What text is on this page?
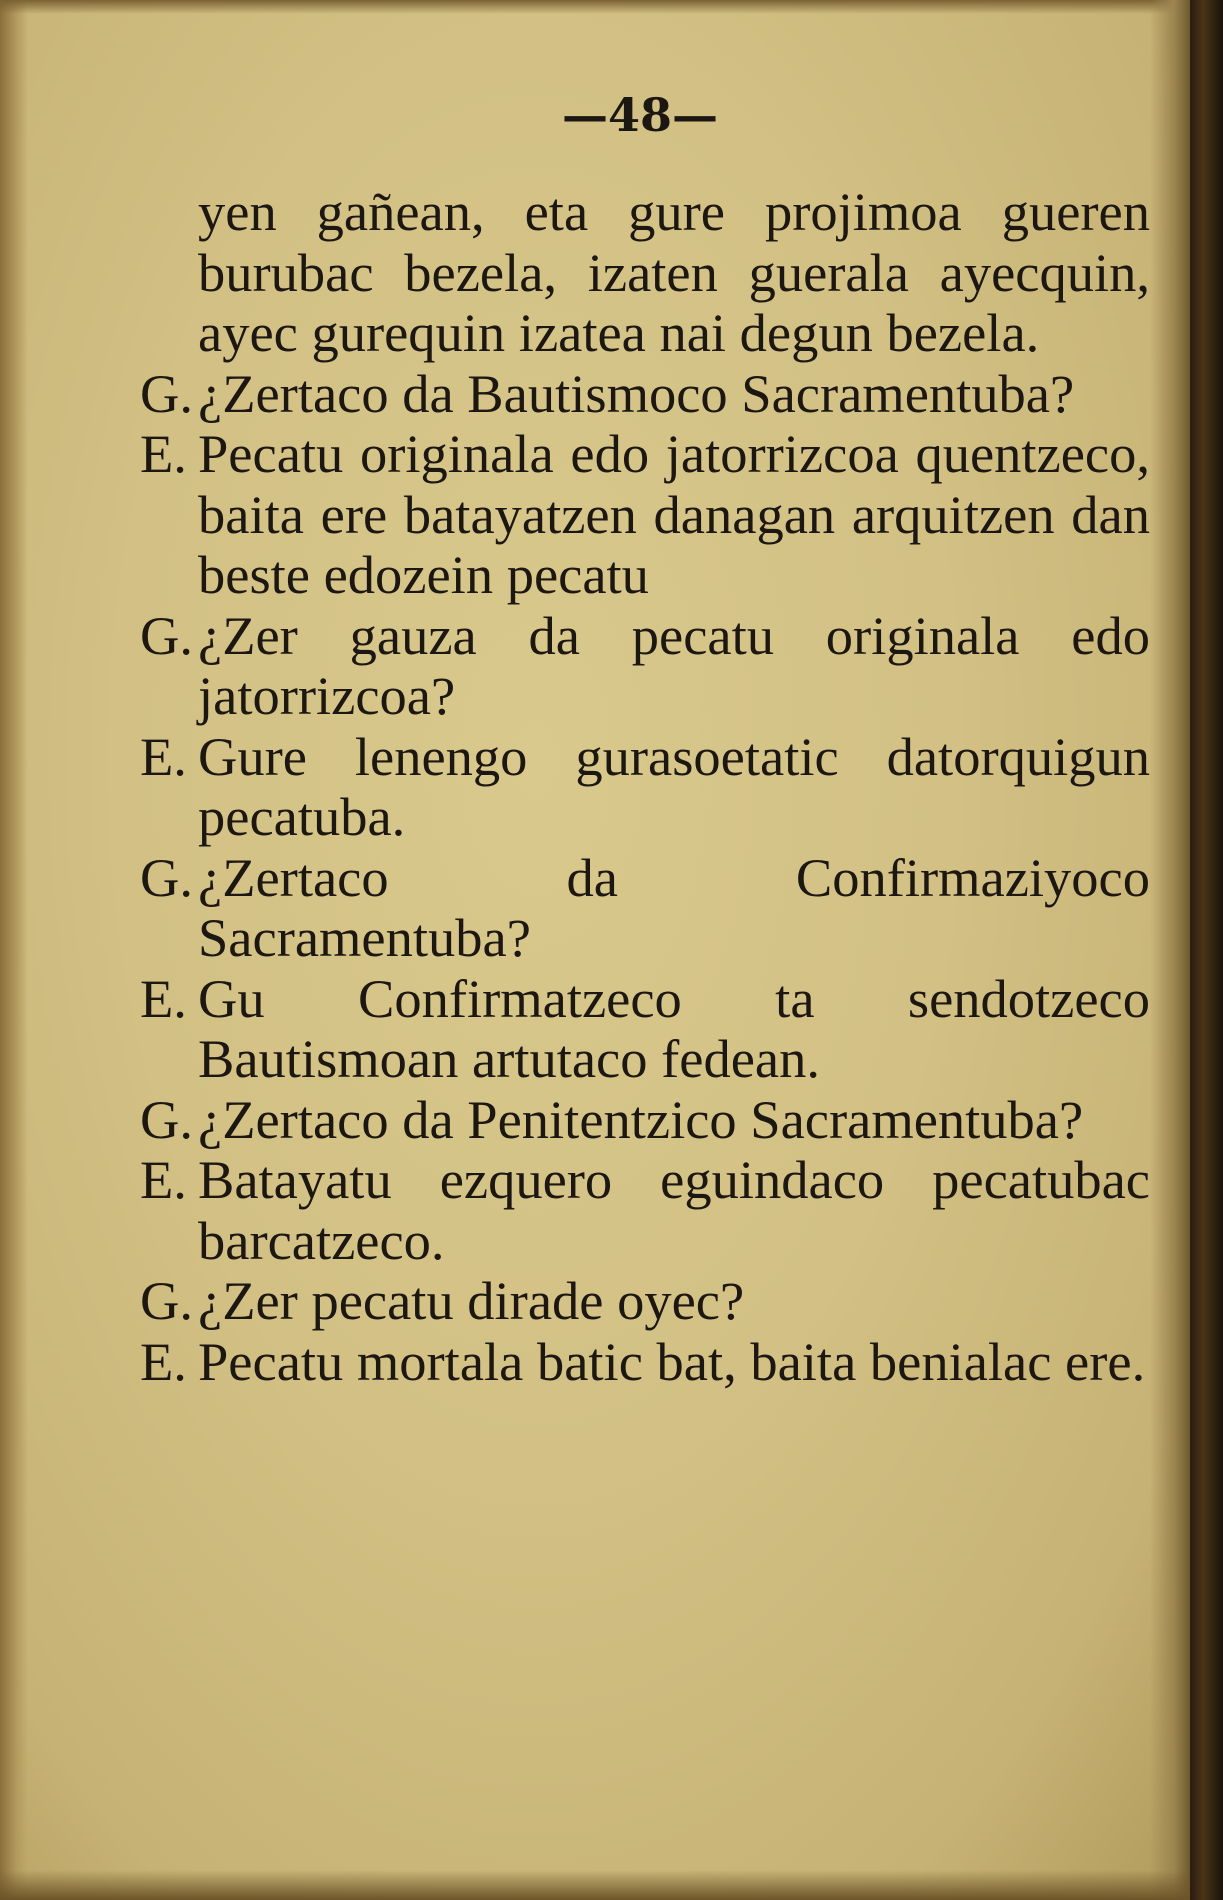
—48—

yen gañean, eta gure projimoa gueren burubac bezela, izaten guerala ayecquin, ayec gurequin izatea nai degun bezela.

G.¿Zertaco da Bautismoco Sacramentuba?

E. Pecatu originala edo jatorrizcoa quentzeco, baita ere batayatzen danagan arquitzen dan beste edozein pecatu

G.¿Zer gauza da pecatu originala edo jatorrizcoa?

E. Gure lenengo gurasoetatic datorquigun pecatuba.

G.¿Zertaco da Confirmaziyoco Sacramentuba?

E. Gu Confirmatzeco ta sendotzeco Bautismoan artutaco fedean.

G.¿Zertaco da Penitentzico Sacramentuba?

E. Batayatu ezquero eguindaco pecatubac barcatzeco.

G.¿Zer pecatu dirade oyec?

E. Pecatu mortala batic bat, baita benialac ere.
